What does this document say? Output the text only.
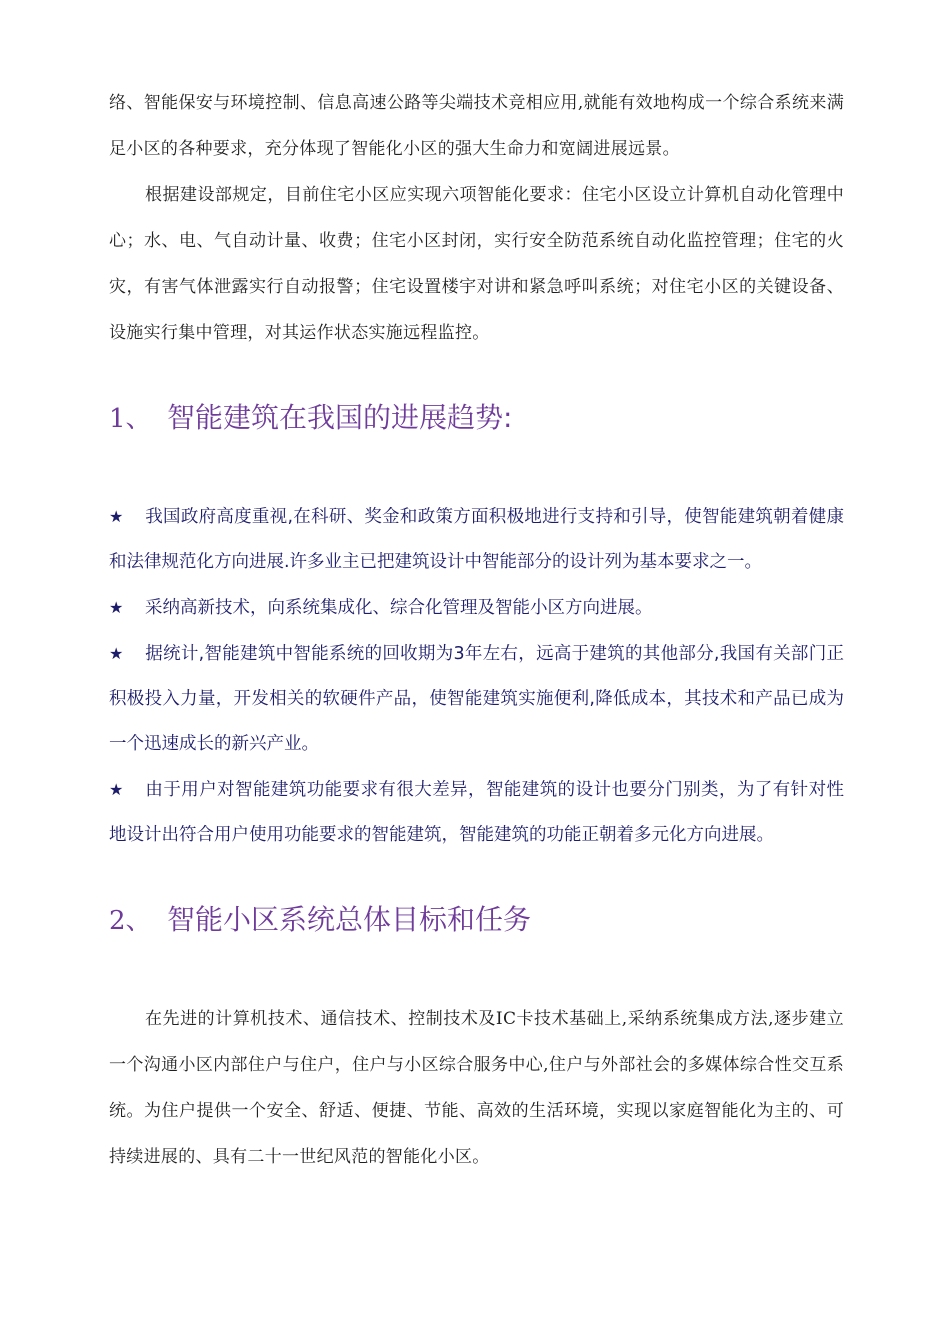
络、智能保安与环境控制、信息高速公路等尖端技术竞相应用,就能有效地构成一个综合系统来满足小区的各种要求，充分体现了智能化小区的强大生命力和宽阔进展远景。

根据建设部规定，目前住宅小区应实现六项智能化要求：住宅小区设立计算机自动化管理中心；水、电、气自动计量、收费；住宅小区封闭，实行安全防范系统自动化监控管理；住宅的火灾，有害气体泄露实行自动报警；住宅设置楼宇对讲和紧急呼叫系统；对住宅小区的关键设备、设施实行集中管理，对其运作状态实施远程监控。

1、 智能建筑在我国的进展趋势:

★ 我国政府高度重视,在科研、奖金和政策方面积极地进行支持和引导，使智能建筑朝着健康和法律规范化方向进展.许多业主已把建筑设计中智能部分的设计列为基本要求之一。

★ 采纳高新技术，向系统集成化、综合化管理及智能小区方向进展。

★ 据统计,智能建筑中智能系统的回收期为3年左右，远高于建筑的其他部分,我国有关部门正积极投入力量，开发相关的软硬件产品，使智能建筑实施便利,降低成本，其技术和产品已成为一个迅速成长的新兴产业。

★ 由于用户对智能建筑功能要求有很大差异，智能建筑的设计也要分门别类，为了有针对性地设计出符合用户使用功能要求的智能建筑，智能建筑的功能正朝着多元化方向进展。

2、 智能小区系统总体目标和任务

在先进的计算机技术、通信技术、控制技术及IC卡技术基础上,采纳系统集成方法,逐步建立一个沟通小区内部住户与住户，住户与小区综合服务中心,住户与外部社会的多媒体综合性交互系统。为住户提供一个安全、舒适、便捷、节能、高效的生活环境，实现以家庭智能化为主的、可持续进展的、具有二十一世纪风范的智能化小区。
